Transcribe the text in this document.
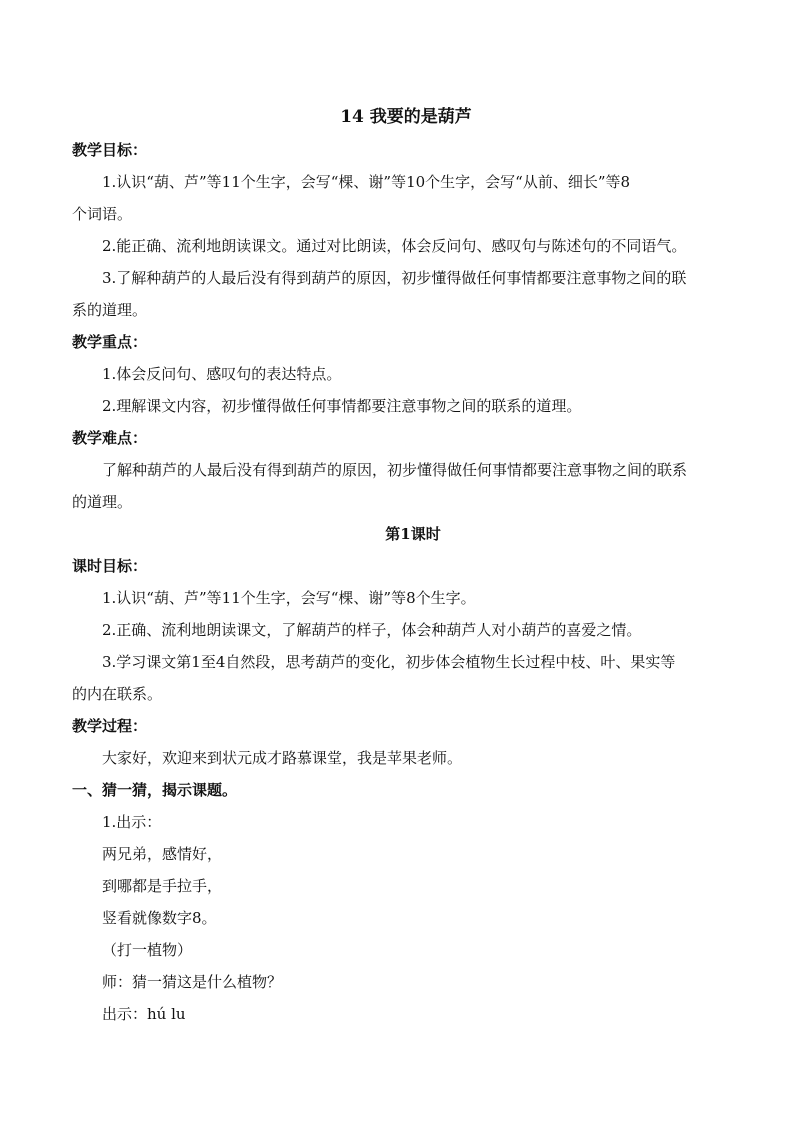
14 我要的是葫芦

教学目标：

1.认识“葫、芦”等11个生字，会写“棵、谢”等10个生字，会写“从前、细长”等8

个词语。

2.能正确、流利地朗读课文。通过对比朗读，体会反问句、感叹句与陈述句的不同语气。

3.了解种葫芦的人最后没有得到葫芦的原因，初步懂得做任何事情都要注意事物之间的联

系的道理。

教学重点：

1.体会反问句、感叹句的表达特点。

2.理解课文内容，初步懂得做任何事情都要注意事物之间的联系的道理。

教学难点：

了解种葫芦的人最后没有得到葫芦的原因，初步懂得做任何事情都要注意事物之间的联系

的道理。

第1课时

课时目标：

1.认识“葫、芦”等11个生字，会写“棵、谢”等8个生字。

2.正确、流利地朗读课文，了解葫芦的样子，体会种葫芦人对小葫芦的喜爱之情。

3.学习课文第1至4自然段，思考葫芦的变化，初步体会植物生长过程中枝、叶、果实等

的内在联系。

教学过程：

大家好，欢迎来到状元成才路慕课堂，我是苹果老师。

一、猜一猜，揭示课题。

1.出示：

两兄弟，感情好，

到哪都是手拉手，

竖看就像数字8。

（打一植物）

师：猜一猜这是什么植物？

出示：hú lu
